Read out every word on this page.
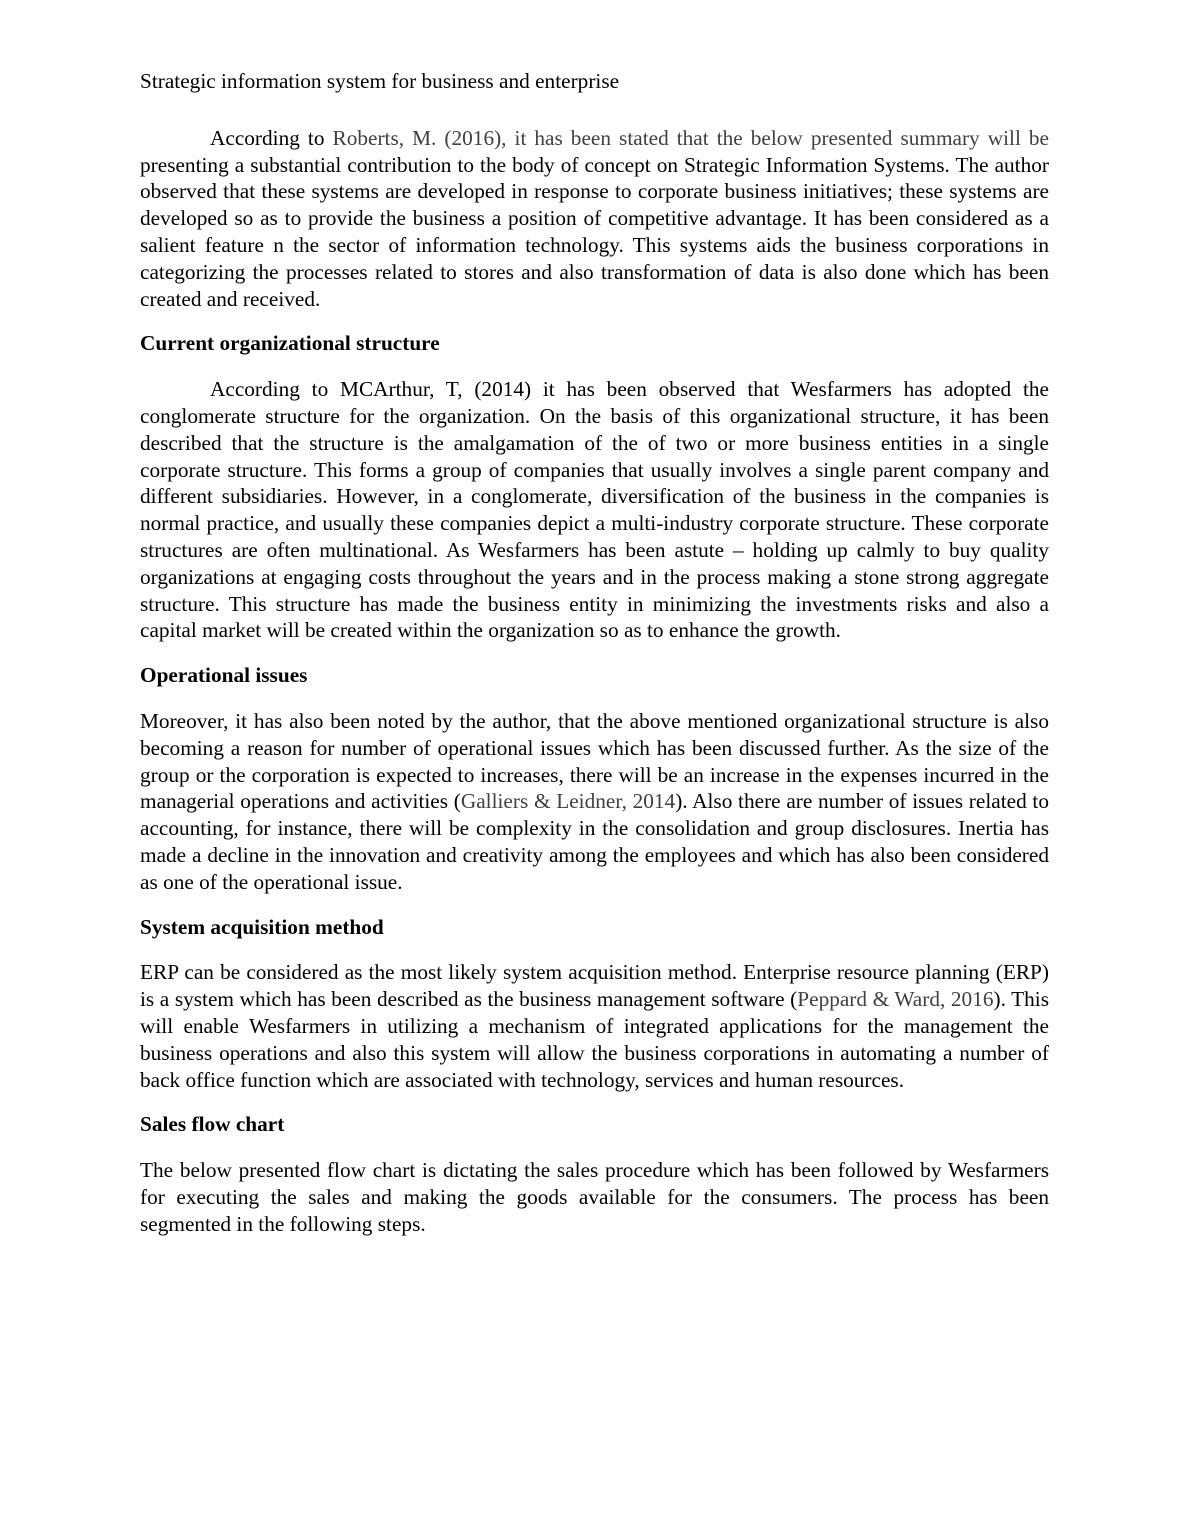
Strategic information system for business and enterprise

According to Roberts, M. (2016), it has been stated that the below presented summary will be presenting a substantial contribution to the body of concept on Strategic Information Systems. The author observed that these systems are developed in response to corporate business initiatives; these systems are developed so as to provide the business a position of competitive advantage. It has been considered as a salient feature n the sector of information technology. This systems aids the business corporations in categorizing the processes related to stores and also transformation of data is also done which has been created and received.

Current organizational structure

According to MCArthur, T, (2014) it has been observed that Wesfarmers has adopted the conglomerate structure for the organization. On the basis of this organizational structure, it has been described that the structure is the amalgamation of the of two or more business entities in a single corporate structure. This forms a group of companies that usually involves a single parent company and different subsidiaries. However, in a conglomerate, diversification of the business in the companies is normal practice, and usually these companies depict a multi-industry corporate structure. These corporate structures are often multinational. As Wesfarmers has been astute – holding up calmly to buy quality organizations at engaging costs throughout the years and in the process making a stone strong aggregate structure. This structure has made the business entity in minimizing the investments risks and also a capital market will be created within the organization so as to enhance the growth.

Operational issues

Moreover, it has also been noted by the author, that the above mentioned organizational structure is also becoming a reason for number of operational issues which has been discussed further. As the size of the group or the corporation is expected to increases, there will be an increase in the expenses incurred in the managerial operations and activities (Galliers & Leidner, 2014). Also there are number of issues related to accounting, for instance, there will be complexity in the consolidation and group disclosures. Inertia has made a decline in the innovation and creativity among the employees and which has also been considered as one of the operational issue.

System acquisition method

ERP can be considered as the most likely system acquisition method. Enterprise resource planning (ERP) is a system which has been described as the business management software (Peppard & Ward, 2016). This will enable Wesfarmers in utilizing a mechanism of integrated applications for the management the business operations and also this system will allow the business corporations in automating a number of back office function which are associated with technology, services and human resources.

Sales flow chart

The below presented flow chart is dictating the sales procedure which has been followed by Wesfarmers for executing the sales and making the goods available for the consumers. The process has been segmented in the following steps.
